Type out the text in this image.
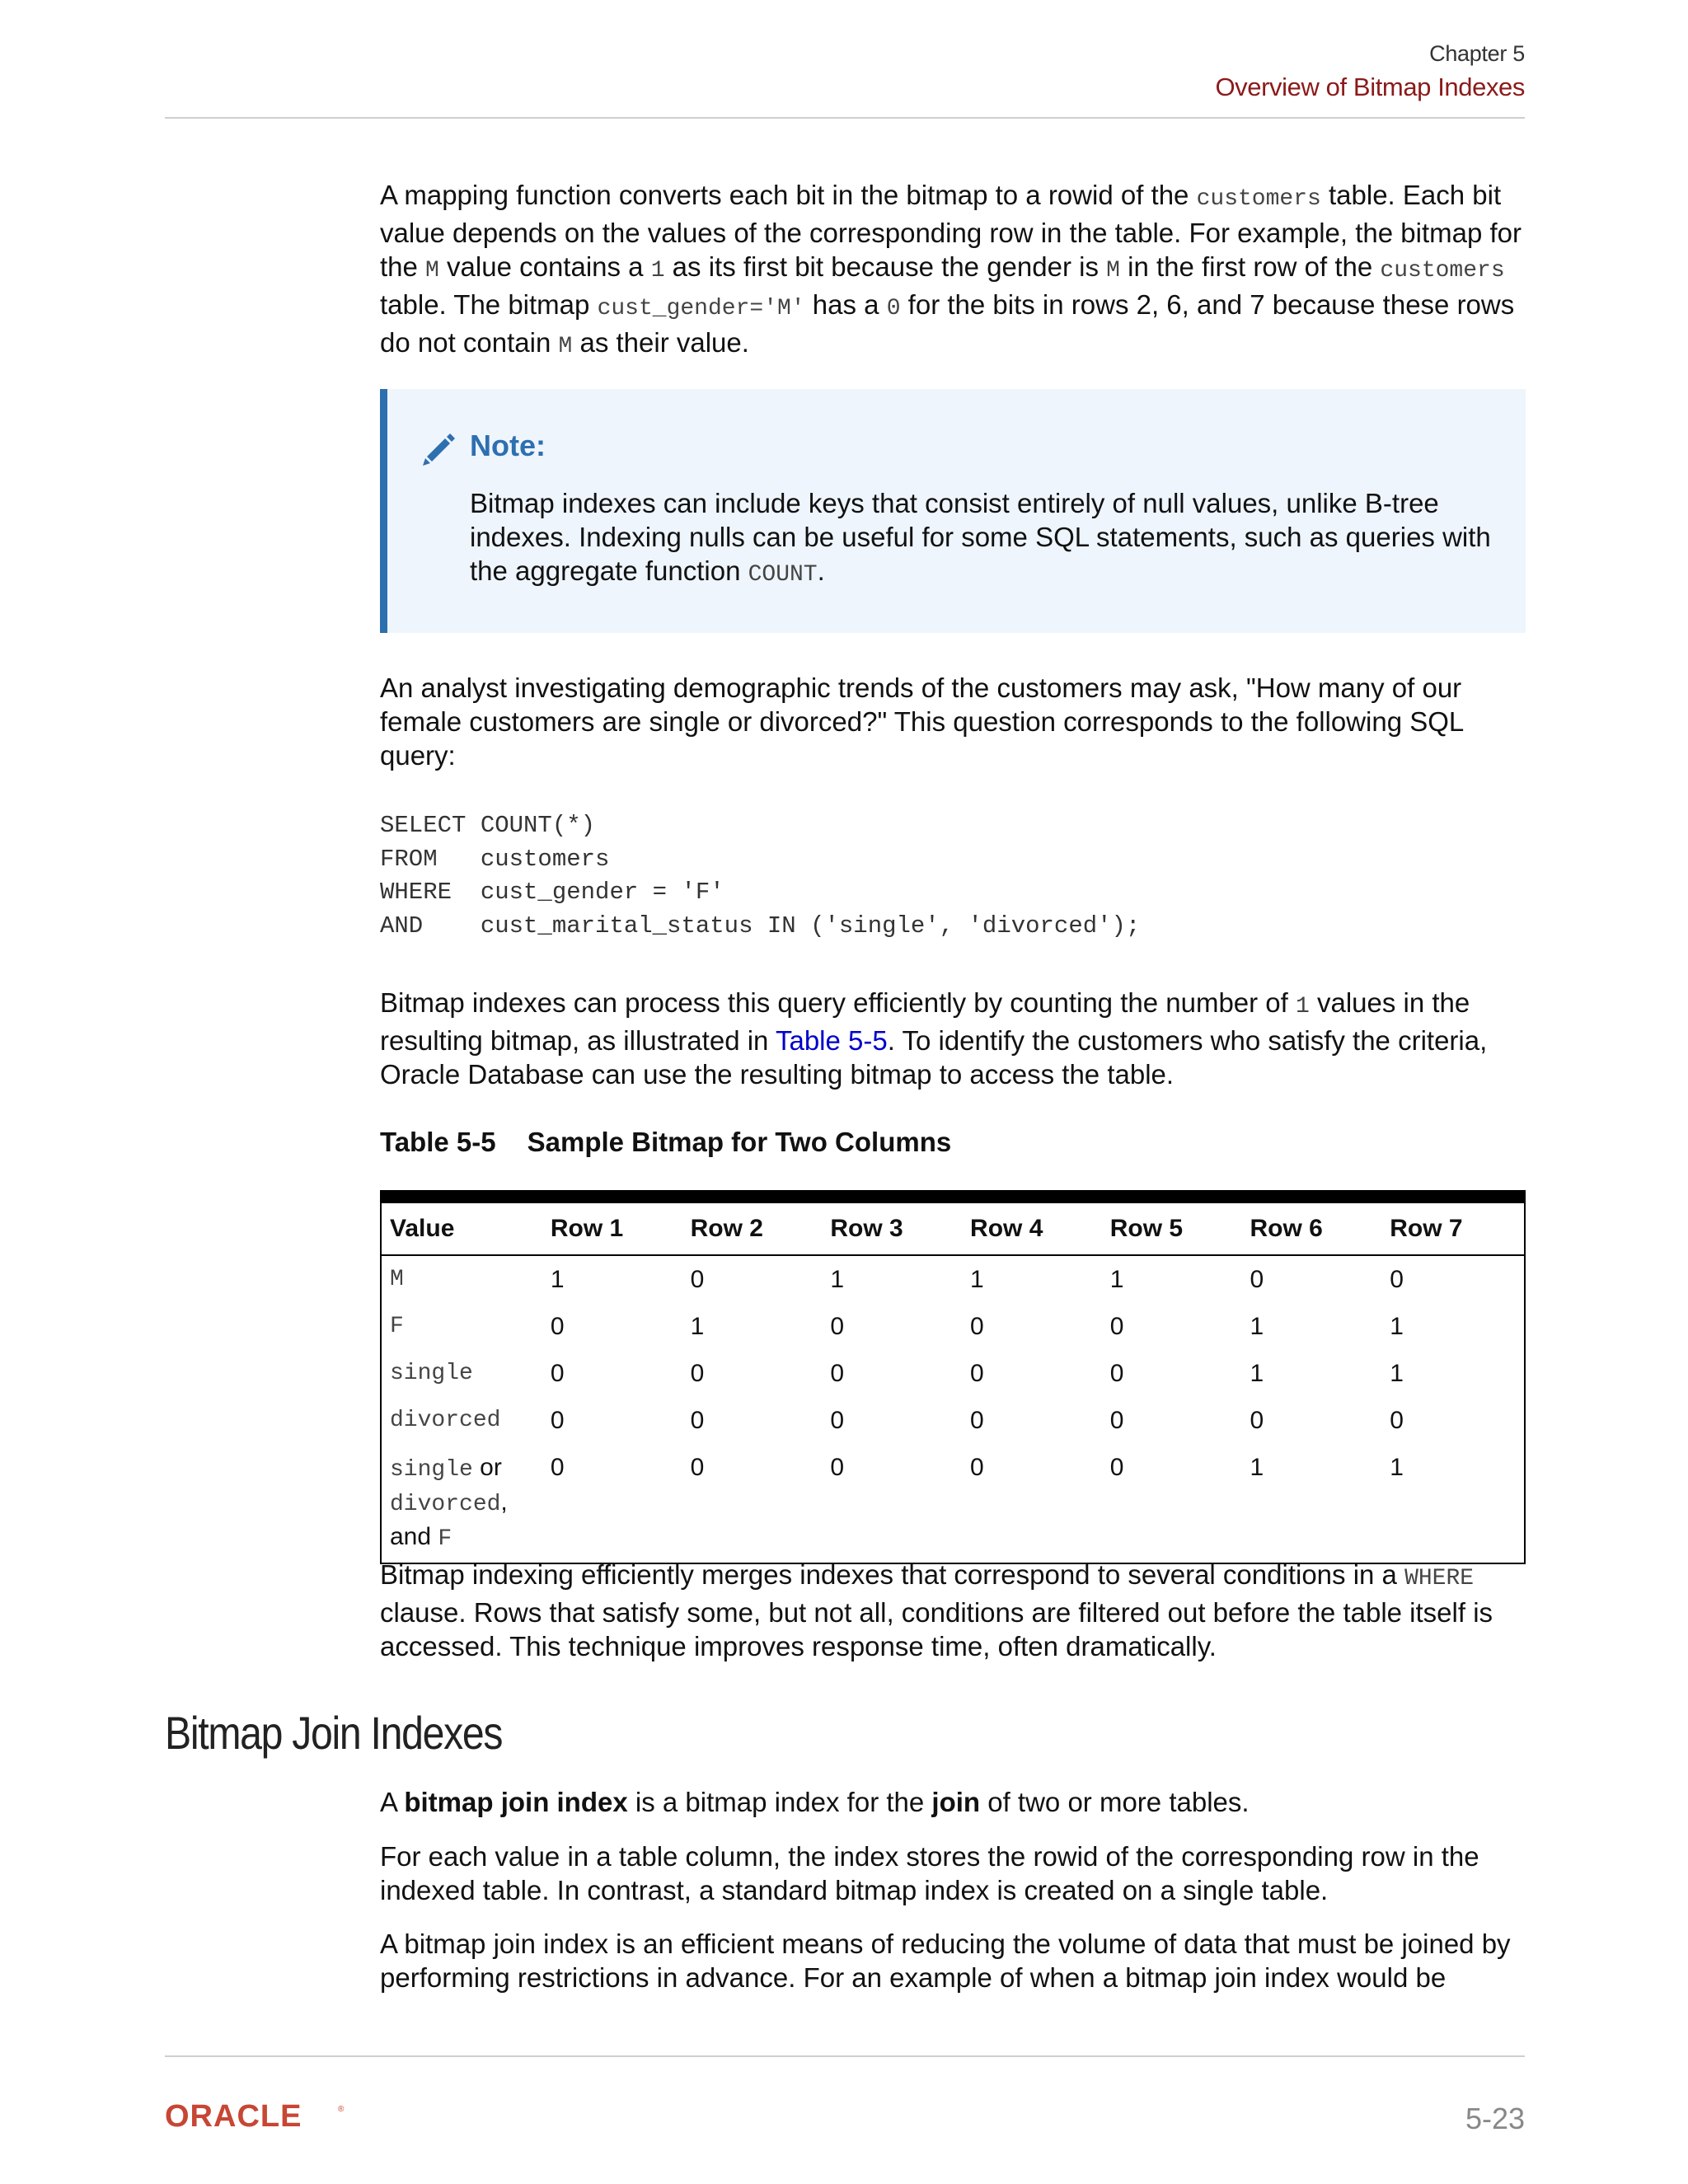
Chapter 5
Overview of Bitmap Indexes

A mapping function converts each bit in the bitmap to a rowid of the customers table. Each bit value depends on the values of the corresponding row in the table. For example, the bitmap for the M value contains a 1 as its first bit because the gender is M in the first row of the customers table. The bitmap cust_gender='M' has a 0 for the bits in rows 2, 6, and 7 because these rows do not contain M as their value.

Note:

Bitmap indexes can include keys that consist entirely of null values, unlike B-tree indexes. Indexing nulls can be useful for some SQL statements, such as queries with the aggregate function COUNT.

An analyst investigating demographic trends of the customers may ask, "How many of our female customers are single or divorced?" This question corresponds to the following SQL query:

SELECT COUNT(*)
FROM   customers
WHERE  cust_gender = 'F'
AND    cust_marital_status IN ('single', 'divorced');

Bitmap indexes can process this query efficiently by counting the number of 1 values in the resulting bitmap, as illustrated in Table 5-5. To identify the customers who satisfy the criteria, Oracle Database can use the resulting bitmap to access the table.

Table 5-5 Sample Bitmap for Two Columns
Value	Row 1	Row 2	Row 3	Row 4	Row 5	Row 6	Row 7
M	1	0	1	1	1	0	0
F	0	1	0	0	0	1	1
single	0	0	0	0	0	1	1
divorced	0	0	0	0	0	0	0
single or
divorced,
and F	0	0	0	0	0	1	1

Bitmap indexing efficiently merges indexes that correspond to several conditions in a WHERE clause. Rows that satisfy some, but not all, conditions are filtered out before the table itself is accessed. This technique improves response time, often dramatically.

Bitmap Join Indexes

A bitmap join index is a bitmap index for the join of two or more tables.

For each value in a table column, the index stores the rowid of the corresponding row in the indexed table. In contrast, a standard bitmap index is created on a single table.

A bitmap join index is an efficient means of reducing the volume of data that must be joined by performing restrictions in advance. For an example of when a bitmap join index would be

ORACLE	®	5-23
